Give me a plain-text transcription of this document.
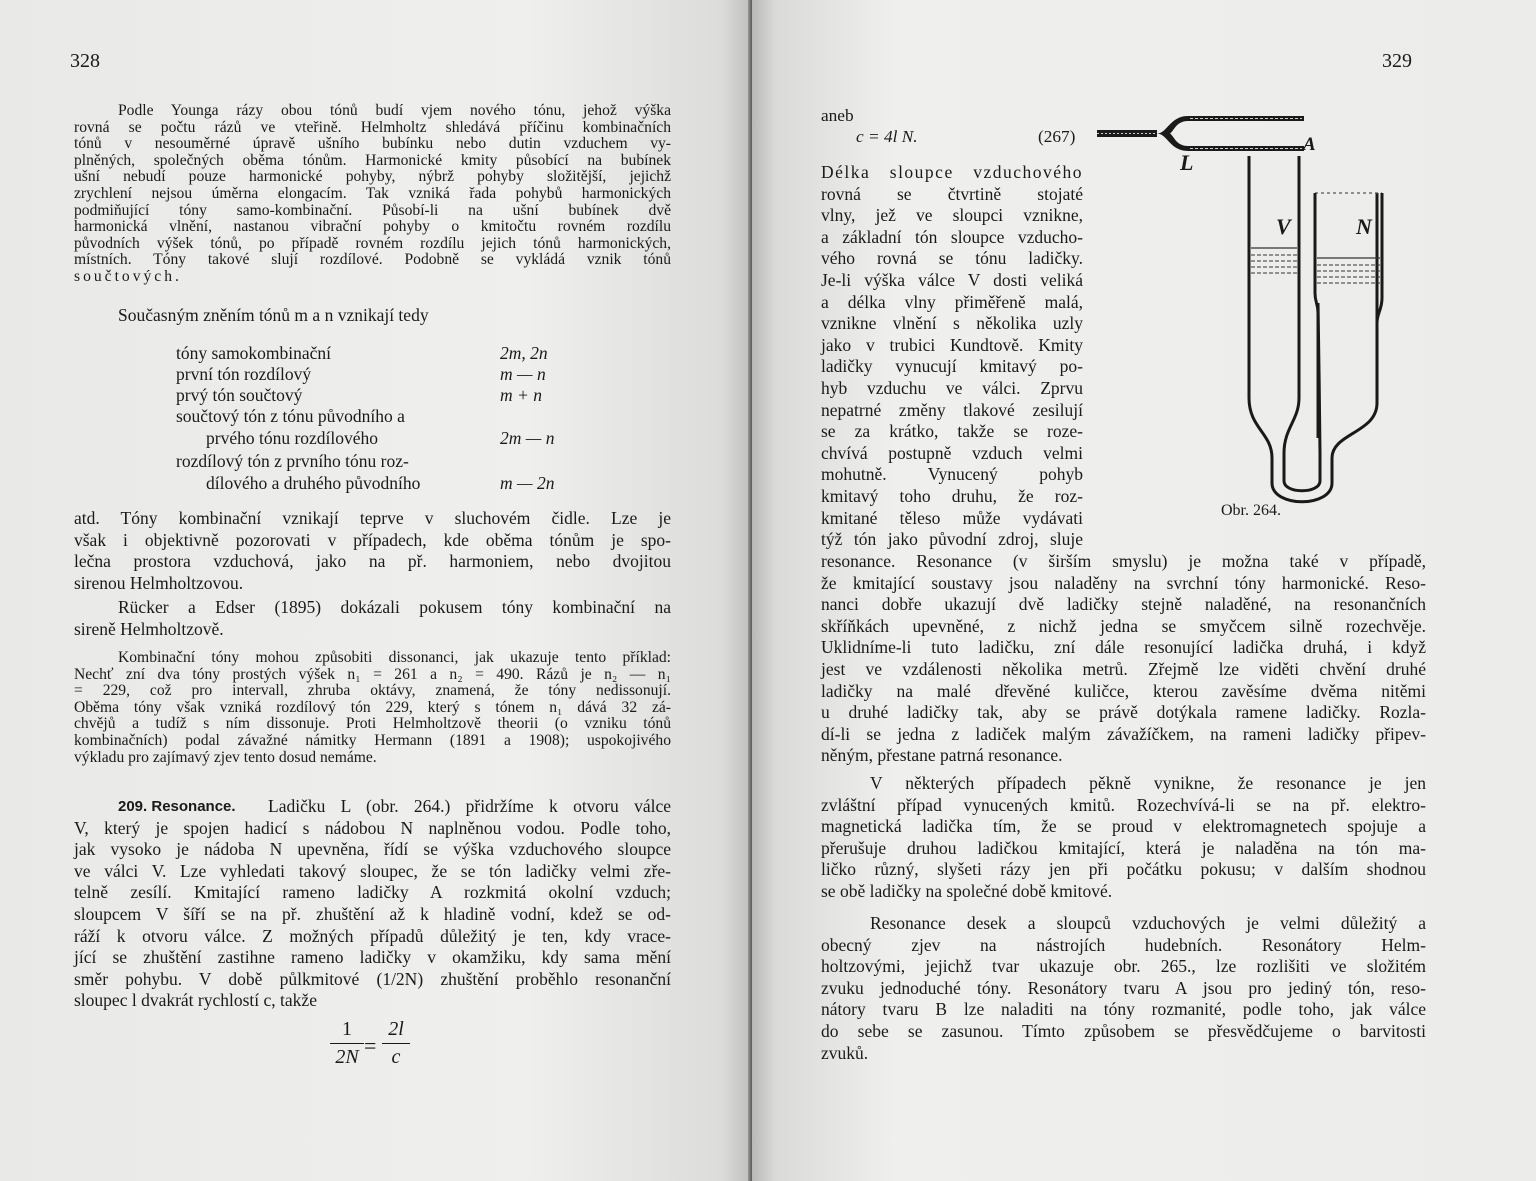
328
Podle Younga rázy obou tónů budí vjem nového tónu, jehož výška
rovná se počtu rázů ve vteřině. Helmholtz shledává příčinu kombinačních
tónů v nesouměrné úpravě ušního bubínku nebo dutin vzduchem vy-
plněných, společných oběma tónům. Harmonické kmity působící na bubínek
ušní nebudí pouze harmonické pohyby, nýbrž pohyby složitější, jejichž
zrychlení nejsou úměrna elongacím. Tak vzniká řada pohybů harmonických
podmiňující tóny samo-kombinační. Působí-li na ušní bubínek dvě
harmonická vlnění, nastanou vibrační pohyby o kmitočtu rovném rozdílu
původních výšek tónů, po případě rovném rozdílu jejich tónů harmonických,
místních. Tóny takové slují rozdílové. Podobně se vykládá vznik tónů
součtových.
Současným zněním tónů m a n vznikají tedy
tóny samokombinační	2m, 2n
první tón rozdílový	m — n
prvý tón součtový	m + n
součtový tón z tónu původního a
prvého tónu rozdílového	2m — n
rozdílový tón z prvního tónu roz-
dílového a druhého původního	m — 2n
atd. Tóny kombinační vznikají teprve v sluchovém čidle. Lze je
však i objektivně pozorovati v případech, kde oběma tónům je spo-
lečna prostora vzduchová, jako na př. harmoniem, nebo dvojitou
sirenou Helmholtzovou.
Rücker a Edser (1895) dokázali pokusem tóny kombinační na
sireně Helmholtzově.
Kombinační tóny mohou způsobiti dissonanci, jak ukazuje tento příklad:
Nechť zní dva tóny prostých výšek n₁ = 261 a n₂ = 490. Rázů je n₂ — n₁
= 229, což pro intervall, zhruba oktávy, znamená, že tóny nedissonují.
Oběma tóny však vzniká rozdílový tón 229, který s tónem n₁ dává 32 zá-
chvějů a tudíž s ním dissonuje. Proti Helmholtzově theorii (o vzniku tónů
kombinačních) podal závažné námitky Hermann (1891 a 1908); uspokojivého
výkladu pro zajímavý zjev tento dosud nemáme.
209. Resonance. Ladičku L (obr. 264.) přidržíme k otvoru válce
V, který je spojen hadicí s nádobou N naplněnou vodou. Podle toho,
jak vysoko je nádoba N upevněna, řídí se výška vzduchového sloupce
ve válci V. Lze vyhledati takový sloupec, že se tón ladičky velmi zře-
telně zesílí. Kmitající rameno ladičky A rozkmitá okolní vzduch;
sloupcem V šíří se na př. zhuštění až k hladině vodní, kdež se od-
ráží k otvoru válce. Z možných případů důležitý je ten, kdy vrace-
jící se zhuštění zastihne rameno ladičky v okamžiku, kdy sama mění
směr pohybu. V době půlkmitové (1/2N) zhuštění proběhlo resonanční
sloupec l dvakrát rychlostí c, takže
1
2N =
2l
c
329
aneb
c = 4l N.	(267)
Délka sloupce vzduchového
rovná se čtvrtině stojaté
vlny, jež ve sloupci vznikne,
a základní tón sloupce vzducho-
vého rovná se tónu ladičky.
Je-li výška válce V dosti veliká
a délka vlny přiměřeně malá,
vznikne vlnění s několika uzly
jako v trubici Kundtově. Kmity
ladičky vynucují kmitavý po-
hyb vzduchu ve válci. Zprvu
nepatrné změny tlakové zesilují
se za krátko, takže se roze-
chvívá postupně vzduch velmi
mohutně. Vynucený pohyb
kmitavý toho druhu, že roz-
kmitané těleso může vydávati
týž tón jako původní zdroj, sluje
L
A
V	N
Obr. 264.
resonance. Resonance (v širším smyslu) je možna také v případě,
že kmitající soustavy jsou naladěny na svrchní tóny harmonické. Reso-
nanci dobře ukazují dvě ladičky stejně naladěné, na resonančních
skříňkách upevněné, z nichž jedna se smyčcem silně rozechvěje.
Uklidníme-li tuto ladičku, zní dále resonující ladička druhá, i když
jest ve vzdálenosti několika metrů. Zřejmě lze viděti chvění druhé
ladičky na malé dřevěné kuličce, kterou zavěsíme dvěma nitěmi
u druhé ladičky tak, aby se právě dotýkala ramene ladičky. Rozla-
dí-li se jedna z ladiček malým závažíčkem, na rameni ladičky připev-
něným, přestane patrná resonance.
V některých případech pěkně vynikne, že resonance je jen
zvláštní případ vynucených kmitů. Rozechvívá-li se na př. elektro-
magnetická ladička tím, že se proud v elektromagnetech spojuje a
přerušuje druhou ladičkou kmitající, která je naladěna na tón ma-
ličko různý, slyšeti rázy jen při počátku pokusu; v dalším shodnou
se obě ladičky na společné době kmitové.
Resonance desek a sloupců vzduchových je velmi důležitý a
obecný zjev na nástrojích hudebních. Resonátory Helm-
holtzovými, jejichž tvar ukazuje obr. 265., lze rozlišiti ve složitém
zvuku jednoduché tóny. Resonátory tvaru A jsou pro jediný tón, reso-
nátory tvaru B lze naladiti na tóny rozmanité, podle toho, jak válce
do sebe se zasunou. Tímto způsobem se přesvědčujeme o barvitosti
zvuků.
